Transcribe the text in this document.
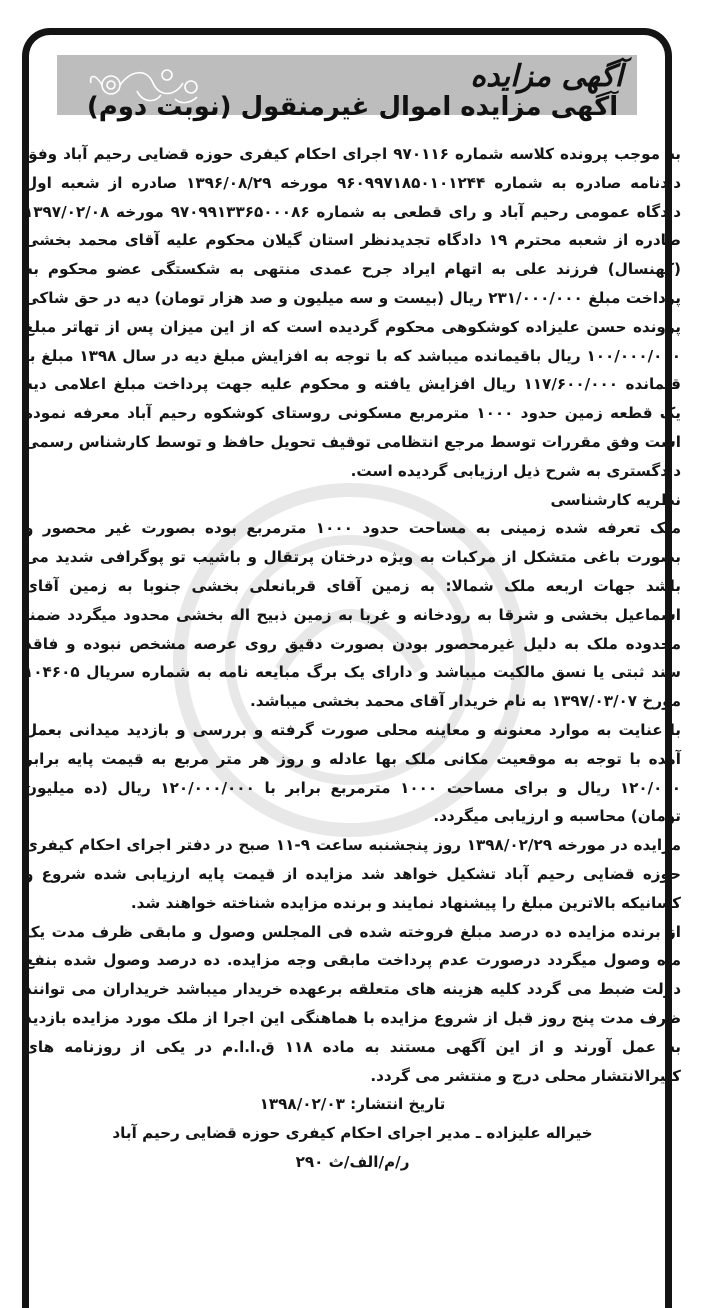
آگهی مزایده
آگهی مزایده اموال غیرمنقول (نوبت دوم)

به موجب پرونده کلاسه شماره ۹۷۰۱۱۶ اجرای احکام کیفری حوزه قضایی رحیم آباد وفق دادنامه صادره به شماره ۹۶۰۹۹۷۱۸۵۰۱۰۱۲۴۴ مورخه ۱۳۹۶/۰۸/۲۹ صادره از شعبه اول دادگاه عمومی رحیم آباد و رای قطعی به شماره ۹۷۰۹۹۱۳۳۶۵۰۰۰۸۶ مورخه ۱۳۹۷/۰۲/۰۸ صادره از شعبه محترم ۱۹ دادگاه تجدیدنظر استان گیلان محکوم علیه آقای محمد بخشی (کهنسال) فرزند علی به اتهام ایراد جرح عمدی منتهی به شکستگی عضو محکوم به پرداخت مبلغ ۲۳۱/۰۰۰/۰۰۰ ریال (بیست و سه میلیون و صد هزار تومان) دیه در حق شاکی پرونده حسن علیزاده کوشکوهی محکوم گردیده است که از این میزان پس از تهاتر مبلغ ۱۰۰/۰۰۰/۰۰۰ ریال باقیمانده میباشد که با توجه به افزایش مبلغ دیه در سال ۱۳۹۸ مبلغ با قیمانده ۱۱۷/۶۰۰/۰۰۰ ریال افزایش یافته و محکوم علیه جهت پرداخت مبلغ اعلامی دیه یک قطعه زمین حدود ۱۰۰۰ مترمربع مسکونی روستای کوشکوه رحیم آباد معرفه نموده است وفق مقررات توسط مرجع انتظامی توقیف تحویل حافظ و توسط کارشناس رسمی دادگستری به شرح ذیل ارزیابی گردیده است.

نظریه کارشناسی

ملک تعرفه شده زمینی به مساحت حدود ۱۰۰۰ مترمربع بوده بصورت غیر محصور و بصورت باغی متشکل از مرکبات به ویژه درختان پرتقال و باشیب تو پوگرافی شدید می باشد جهات اربعه ملک شمالا: به زمین آقای قربانعلی بخشی جنوبا به زمین آقای اسماعیل بخشی و شرقا به رودخانه و غربا به زمین ذبیح اله بخشی محدود میگردد ضمنا محدوده ملک به دلیل غیرمحصور بودن بصورت دقیق روی عرصه مشخص نبوده و فاقد سند ثبتی یا نسق مالکیت میباشد و دارای یک برگ مبایعه نامه به شماره سریال ۱۰۴۶۰۵ مورخ ۱۳۹۷/۰۳/۰۷ به نام خریدار آقای محمد بخشی میباشد.

با عنایت به موارد معنونه و معاینه محلی صورت گرفته و بررسی و بازدید میدانی بعمل آمده با توجه به موقعیت مکانی ملک بها عادله و روز هر متر مربع به قیمت پایه برابر ۱۲۰/۰۰۰ ریال و برای مساحت ۱۰۰۰ مترمربع برابر با ۱۲۰/۰۰۰/۰۰۰ ریال (ده میلیون تومان) محاسبه و ارزیابی میگردد.

مزایده در مورخه ۱۳۹۸/۰۲/۲۹ روز پنجشنبه ساعت ۹-۱۱ صبح در دفتر اجرای احکام کیفری حوزه قضایی رحیم آباد تشکیل خواهد شد مزایده از قیمت پایه ارزیابی شده شروع و کسانیکه بالاترین مبلغ را پیشنهاد نمایند و برنده مزایده شناخته خواهند شد.

از برنده مزایده ده درصد مبلغ فروخته شده فی المجلس وصول و مابقی ظرف مدت یک ماه وصول میگردد درصورت عدم پرداخت مابقی وجه مزایده. ده درصد وصول شده بنفع دولت ضبط می گردد کلیه هزینه های متعلقه برعهده خریدار میباشد خریداران می توانند ظرف مدت پنج روز قبل از شروع مزایده با هماهنگی این اجرا از ملک مورد مزایده بازدید به عمل آورند و از این آگهی مستند به ماده ۱۱۸ ق.ا.ا.م در یکی از روزنامه های کثیرالانتشار محلی درج و منتشر می گردد.

تاریخ انتشار: ۱۳۹۸/۰۲/۰۳

خیراله علیزاده ـ مدیر اجرای احکام کیفری حوزه قضایی رحیم آباد

ر/م/الف/ث ۲۹۰
